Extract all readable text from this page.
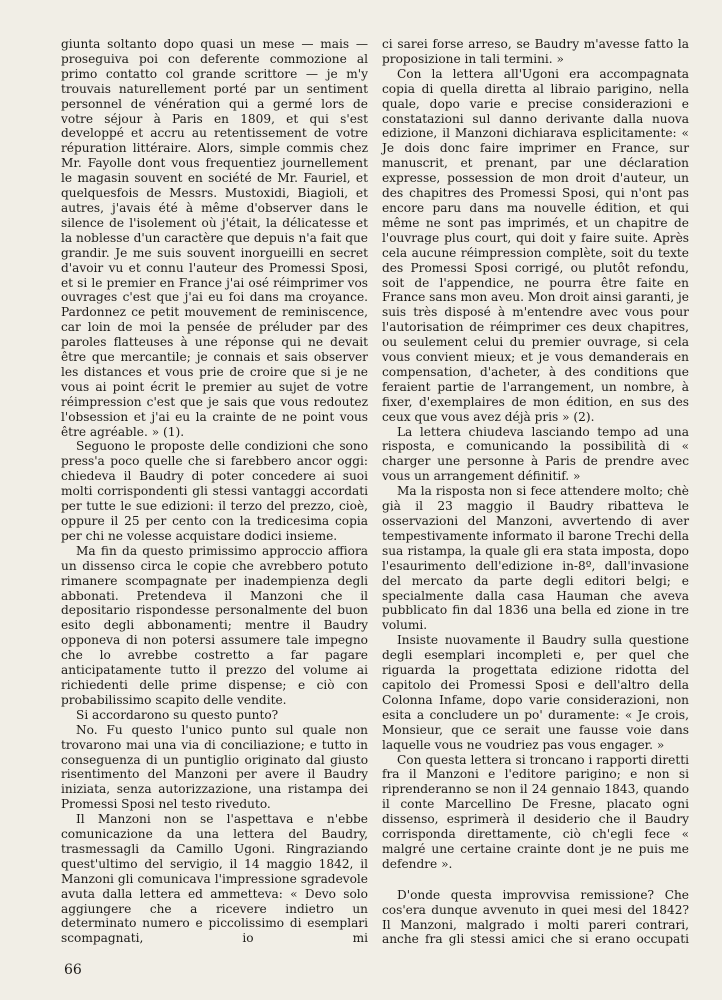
giunta soltanto dopo quasi un mese — mais — proseguiva poi con deferente commozione al primo contatto col grande scrittore — je m'y trouvais naturellement porté par un sentiment personnel de vénération qui a germé lors de votre séjour à Paris en 1809, et qui s'est developpé et accru au retentissement de votre répuration littéraire. Alors, simple commis chez Mr. Fayolle dont vous frequentiez journellement le magasin souvent en société de Mr. Fauriel, et quelquesfois de Messrs. Mustoxidi, Biagioli, et autres, j'avais été à même d'observer dans le silence de l'isolement où j'était, la délicatesse et la noblesse d'un caractère que depuis n'a fait que grandir. Je me suis souvent inorgueilli en secret d'avoir vu et connu l'auteur des Promessi Sposi, et si le premier en France j'ai osé réimprimer vos ouvrages c'est que j'ai eu foi dans ma croyance. Pardonnez ce petit mouvement de reminiscence, car loin de moi la pensée de préluder par des paroles flatteuses à une réponse qui ne devait être que mercantile; je connais et sais observer les distances et vous prie de croire que si je ne vous ai point écrit le premier au sujet de votre réimpression c'est que je sais que vous redoutez l'obsession et j'ai eu la crainte de ne point vous être agréable. » (1).

Seguono le proposte delle condizioni che sono press'a poco quelle che si farebbero ancor oggi: chiedeva il Baudry di poter concedere ai suoi molti corrispondenti gli stessi vantaggi accordati per tutte le sue edizioni: il terzo del prezzo, cioè, oppure il 25 per cento con la tredicesima copia per chi ne volesse acquistare dodici insieme.

Ma fin da questo primissimo approccio affiora un dissenso circa le copie che avrebbero potuto rimanere scompagnate per inadempienza degli abbonati. Pretendeva il Manzoni che il depositario rispondesse personalmente del buon esito degli abbonamenti; mentre il Baudry opponeva di non potersi assumere tale impegno che lo avrebbe costretto a far pagare anticipatamente tutto il prezzo del volume ai richiedenti delle prime dispense; e ciò con probabilissimo scapito delle vendite.

Si accordarono su questo punto?

No. Fu questo l'unico punto sul quale non trovarono mai una via di conciliazione; e tutto in conseguenza di un puntiglio originato dal giusto risentimento del Manzoni per avere il Baudry iniziata, senza autorizzazione, una ristampa dei Promessi Sposi nel testo riveduto.

Il Manzoni non se l'aspettava e n'ebbe comunicazione da una lettera del Baudry, trasmessagli da Camillo Ugoni. Ringraziando quest'ultimo del servigio, il 14 maggio 1842, il Manzoni gli comunicava l'impressione sgradevole avuta dalla lettera ed ammetteva: « Devo solo aggiungere che a ricevere indietro un determinato numero e piccolissimo di esemplari scompagnati, io mi

ci sarei forse arreso, se Baudry m'avesse fatto la proposizione in tali termini. »

Con la lettera all'Ugoni era accompagnata copia di quella diretta al libraio parigino, nella quale, dopo varie e precise considerazioni e constatazioni sul danno derivante dalla nuova edizione, il Manzoni dichiarava esplicitamente: « Je dois donc faire imprimer en France, sur manuscrit, et prenant, par une déclaration expresse, possession de mon droit d'auteur, un des chapitres des Promessi Sposi, qui n'ont pas encore paru dans ma nouvelle édition, et qui même ne sont pas imprimés, et un chapitre de l'ouvrage plus court, qui doit y faire suite. Après cela aucune réimpression complète, soit du texte des Promessi Sposi corrigé, ou plutôt refondu, soit de l'appendice, ne pourra être faite en France sans mon aveu. Mon droit ainsi garanti, je suis très disposé à m'entendre avec vous pour l'autorisation de réimprimer ces deux chapitres, ou seulement celui du premier ouvrage, si cela vous convient mieux; et je vous demanderais en compensation, d'acheter, à des conditions que feraient partie de l'arrangement, un nombre, à fixer, d'exemplaires de mon édition, en sus des ceux que vous avez déjà pris » (2).

La lettera chiudeva lasciando tempo ad una risposta, e comunicando la possibilità di « charger une personne à Paris de prendre avec vous un arrangement définitif. »

Ma la risposta non si fece attendere molto; chè già il 23 maggio il Baudry ribatteva le osservazioni del Manzoni, avvertendo di aver tempestivamente informato il barone Trechi della sua ristampa, la quale gli era stata imposta, dopo l'esaurimento dell'edizione in-8º, dall'invasione del mercato da parte degli editori belgi; e specialmente dalla casa Hauman che aveva pubblicato fin dal 1836 una bella ed zione in tre volumi.

Insiste nuovamente il Baudry sulla questione degli esemplari incompleti e, per quel che riguarda la progettata edizione ridotta del capitolo dei Promessi Sposi e dell'altro della Colonna Infame, dopo varie considerazioni, non esita a concludere un po' duramente: « Je crois, Monsieur, que ce serait une fausse voie dans laquelle vous ne voudriez pas vous engager. »

Con questa lettera si troncano i rapporti diretti fra il Manzoni e l'editore parigino; e non si riprenderanno se non il 24 gennaio 1843, quando il conte Marcellino De Fresne, placato ogni dissenso, esprimerà il desiderio che il Baudry corrisponda direttamente, ciò ch'egli fece « malgré une certaine crainte dont je ne puis me defendre ».

D'onde questa improvvisa remissione? Che cos'era dunque avvenuto in quei mesi del 1842? Il Manzoni, malgrado i molti pareri contrari, anche fra gli stessi amici che si erano occupati

66
